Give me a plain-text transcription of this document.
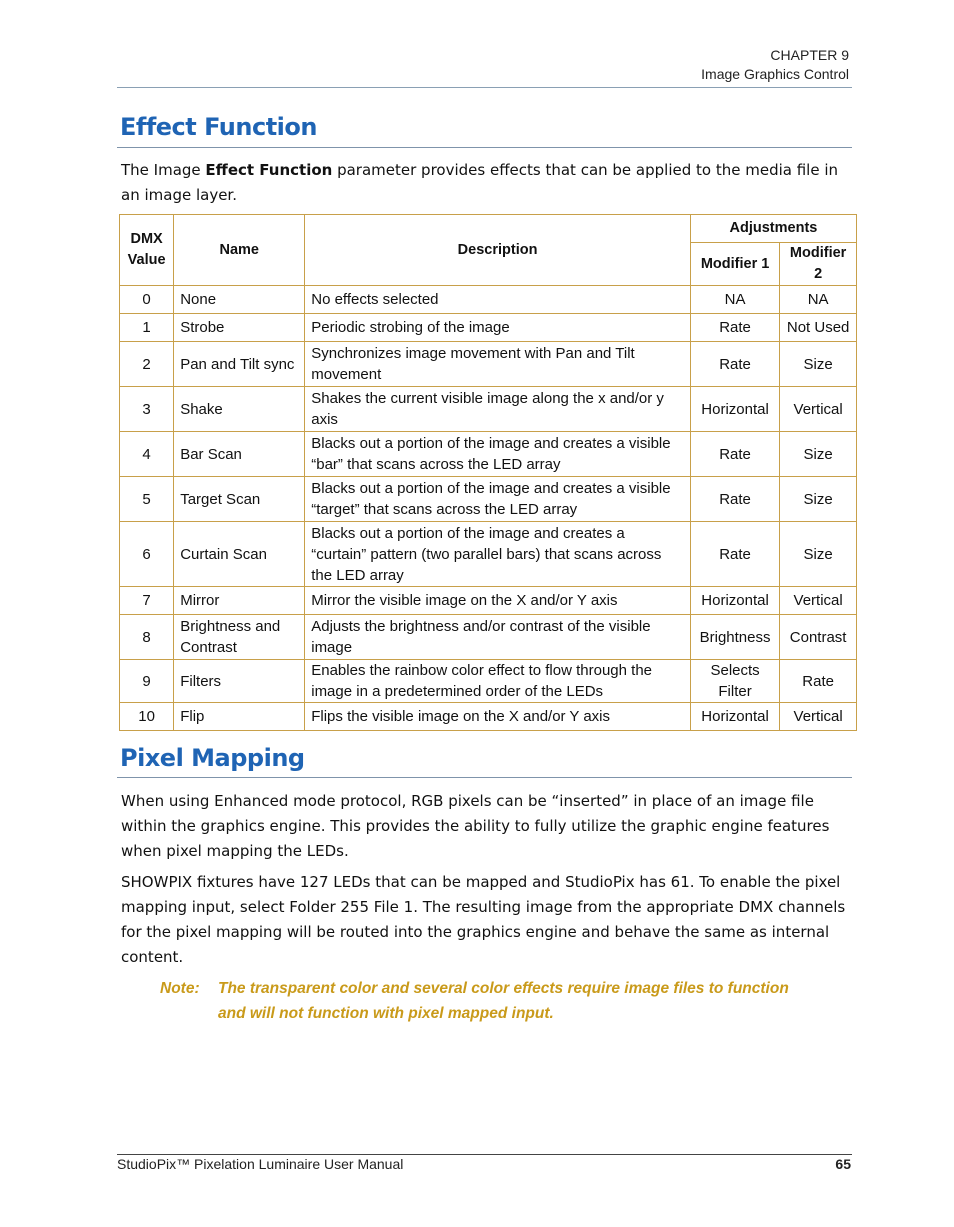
CHAPTER 9
Image Graphics Control
Effect Function

The Image Effect Function parameter provides effects that can be applied to the media file in an image layer.

DMX Value	Name	Description	Adjustments	
			Modifier 1	Modifier 2
0	None	No effects selected	NA	NA
1	Strobe	Periodic strobing of the image	Rate	Not Used
2	Pan and Tilt sync	Synchronizes image movement with Pan and Tilt movement	Rate	Size
3	Shake	Shakes the current visible image along the x and/or y axis	Horizontal	Vertical
4	Bar Scan	Blacks out a portion of the image and creates a visible “bar” that scans across the LED array	Rate	Size
5	Target Scan	Blacks out a portion of the image and creates a visible “target” that scans across the LED array	Rate	Size
6	Curtain Scan	Blacks out a portion of the image and creates a “curtain” pattern (two parallel bars) that scans across the LED array	Rate	Size
7	Mirror	Mirror the visible image on the X and/or Y axis	Horizontal	Vertical
8	Brightness and Contrast	Adjusts the brightness and/or contrast of the visible image	Brightness	Contrast
9	Filters	Enables the rainbow color effect to flow through the image in a predetermined order of the LEDs	Selects Filter	Rate
10	Flip	Flips the visible image on the X and/or Y axis	Horizontal	Vertical
Pixel Mapping

When using Enhanced mode protocol, RGB pixels can be “inserted” in place of an image file within the graphics engine. This provides the ability to fully utilize the graphic engine features when pixel mapping the LEDs.

SHOWPIX fixtures have 127 LEDs that can be mapped and StudioPix has 61. To enable the pixel mapping input, select Folder 255 File 1. The resulting image from the appropriate DMX channels for the pixel mapping will be routed into the graphics engine and behave the same as internal content.

Note: The transparent color and several color effects require image files to function and will not function with pixel mapped input.
StudioPix™ Pixelation Luminaire User Manual	65
